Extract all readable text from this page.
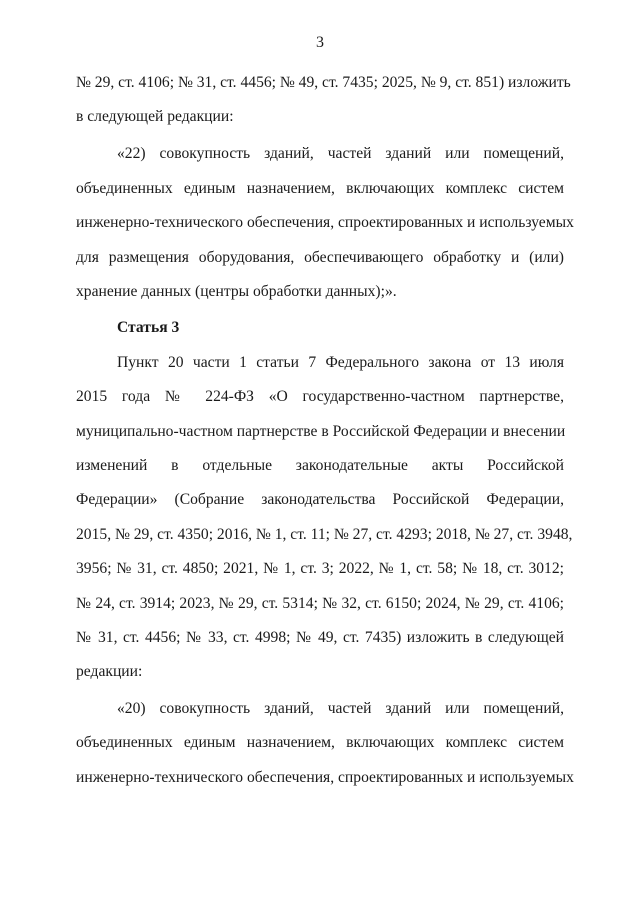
3
№ 29, ст. 4106; № 31, ст. 4456; № 49, ст. 7435; 2025, № 9, ст. 851) изложить
в следующей редакции:
«22) совокупность зданий, частей зданий или помещений,
объединенных единым назначением, включающих комплекс систем
инженерно-технического обеспечения, спроектированных и используемых
для размещения оборудования, обеспечивающего обработку и (или)
хранение данных (центры обработки данных);».
Статья 3
Пункт 20 части 1 статьи 7 Федерального закона от 13 июля
2015 года № 224-ФЗ «О государственно-частном партнерстве,
муниципально-частном партнерстве в Российской Федерации и внесении
изменений в отдельные законодательные акты Российской
Федерации» (Собрание законодательства Российской Федерации,
2015, № 29, ст. 4350; 2016, № 1, ст. 11; № 27, ст. 4293; 2018, № 27, ст. 3948,
3956; № 31, ст. 4850; 2021, № 1, ст. 3; 2022, № 1, ст. 58; № 18, ст. 3012;
№ 24, ст. 3914; 2023, № 29, ст. 5314; № 32, ст. 6150; 2024, № 29, ст. 4106;
№ 31, ст. 4456; № 33, ст. 4998; № 49, ст. 7435) изложить в следующей
редакции:
«20) совокупность зданий, частей зданий или помещений,
объединенных единым назначением, включающих комплекс систем
инженерно-технического обеспечения, спроектированных и используемых
